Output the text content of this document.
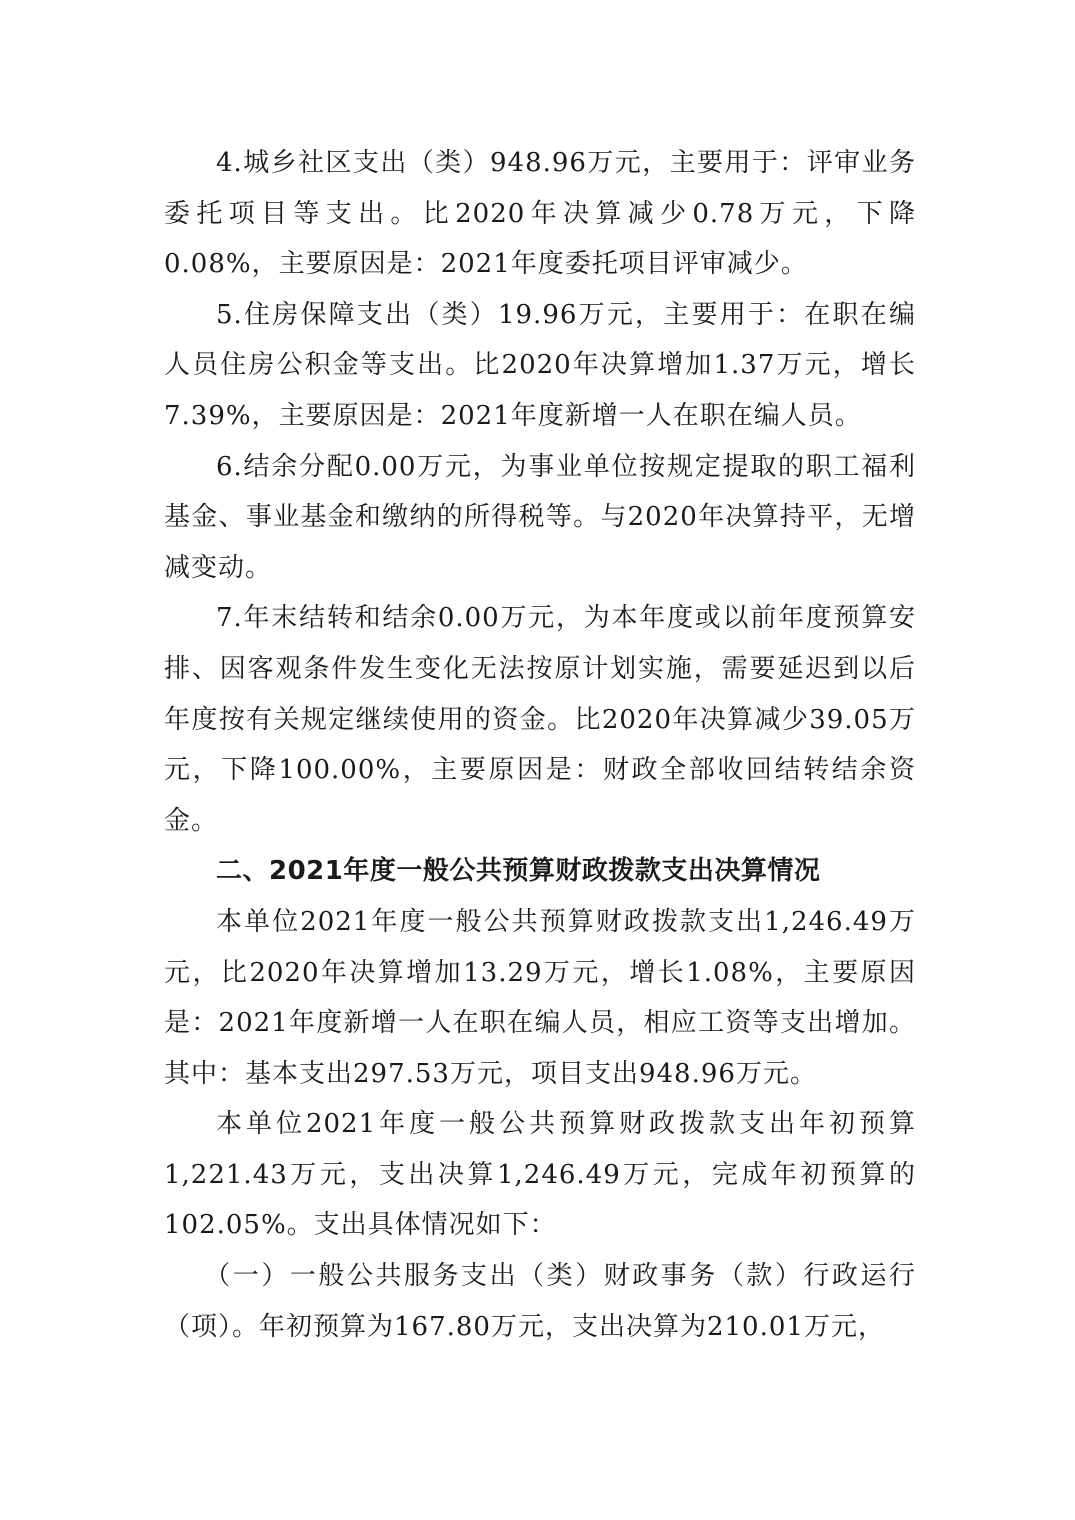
4.城乡社区支出（类）948.96万元，主要用于：评审业务委托项目等支出。比2020年决算减少0.78万元，下降0.08%，主要原因是：2021年度委托项目评审减少。

5.住房保障支出（类）19.96万元，主要用于：在职在编人员住房公积金等支出。比2020年决算增加1.37万元，增长7.39%，主要原因是：2021年度新增一人在职在编人员。

6.结余分配0.00万元，为事业单位按规定提取的职工福利基金、事业基金和缴纳的所得税等。与2020年决算持平，无增减变动。

7.年末结转和结余0.00万元，为本年度或以前年度预算安排、因客观条件发生变化无法按原计划实施，需要延迟到以后年度按有关规定继续使用的资金。比2020年决算减少39.05万元，下降100.00%，主要原因是：财政全部收回结转结余资金。

二、2021年度一般公共预算财政拨款支出决算情况

本单位2021年度一般公共预算财政拨款支出1,246.49万元，比2020年决算增加13.29万元，增长1.08%，主要原因是：2021年度新增一人在职在编人员，相应工资等支出增加。其中：基本支出297.53万元，项目支出948.96万元。

本单位2021年度一般公共预算财政拨款支出年初预算1,221.43万元，支出决算1,246.49万元，完成年初预算的102.05%。支出具体情况如下：

（一）一般公共服务支出（类）财政事务（款）行政运行（项）。年初预算为167.80万元，支出决算为210.01万元，
